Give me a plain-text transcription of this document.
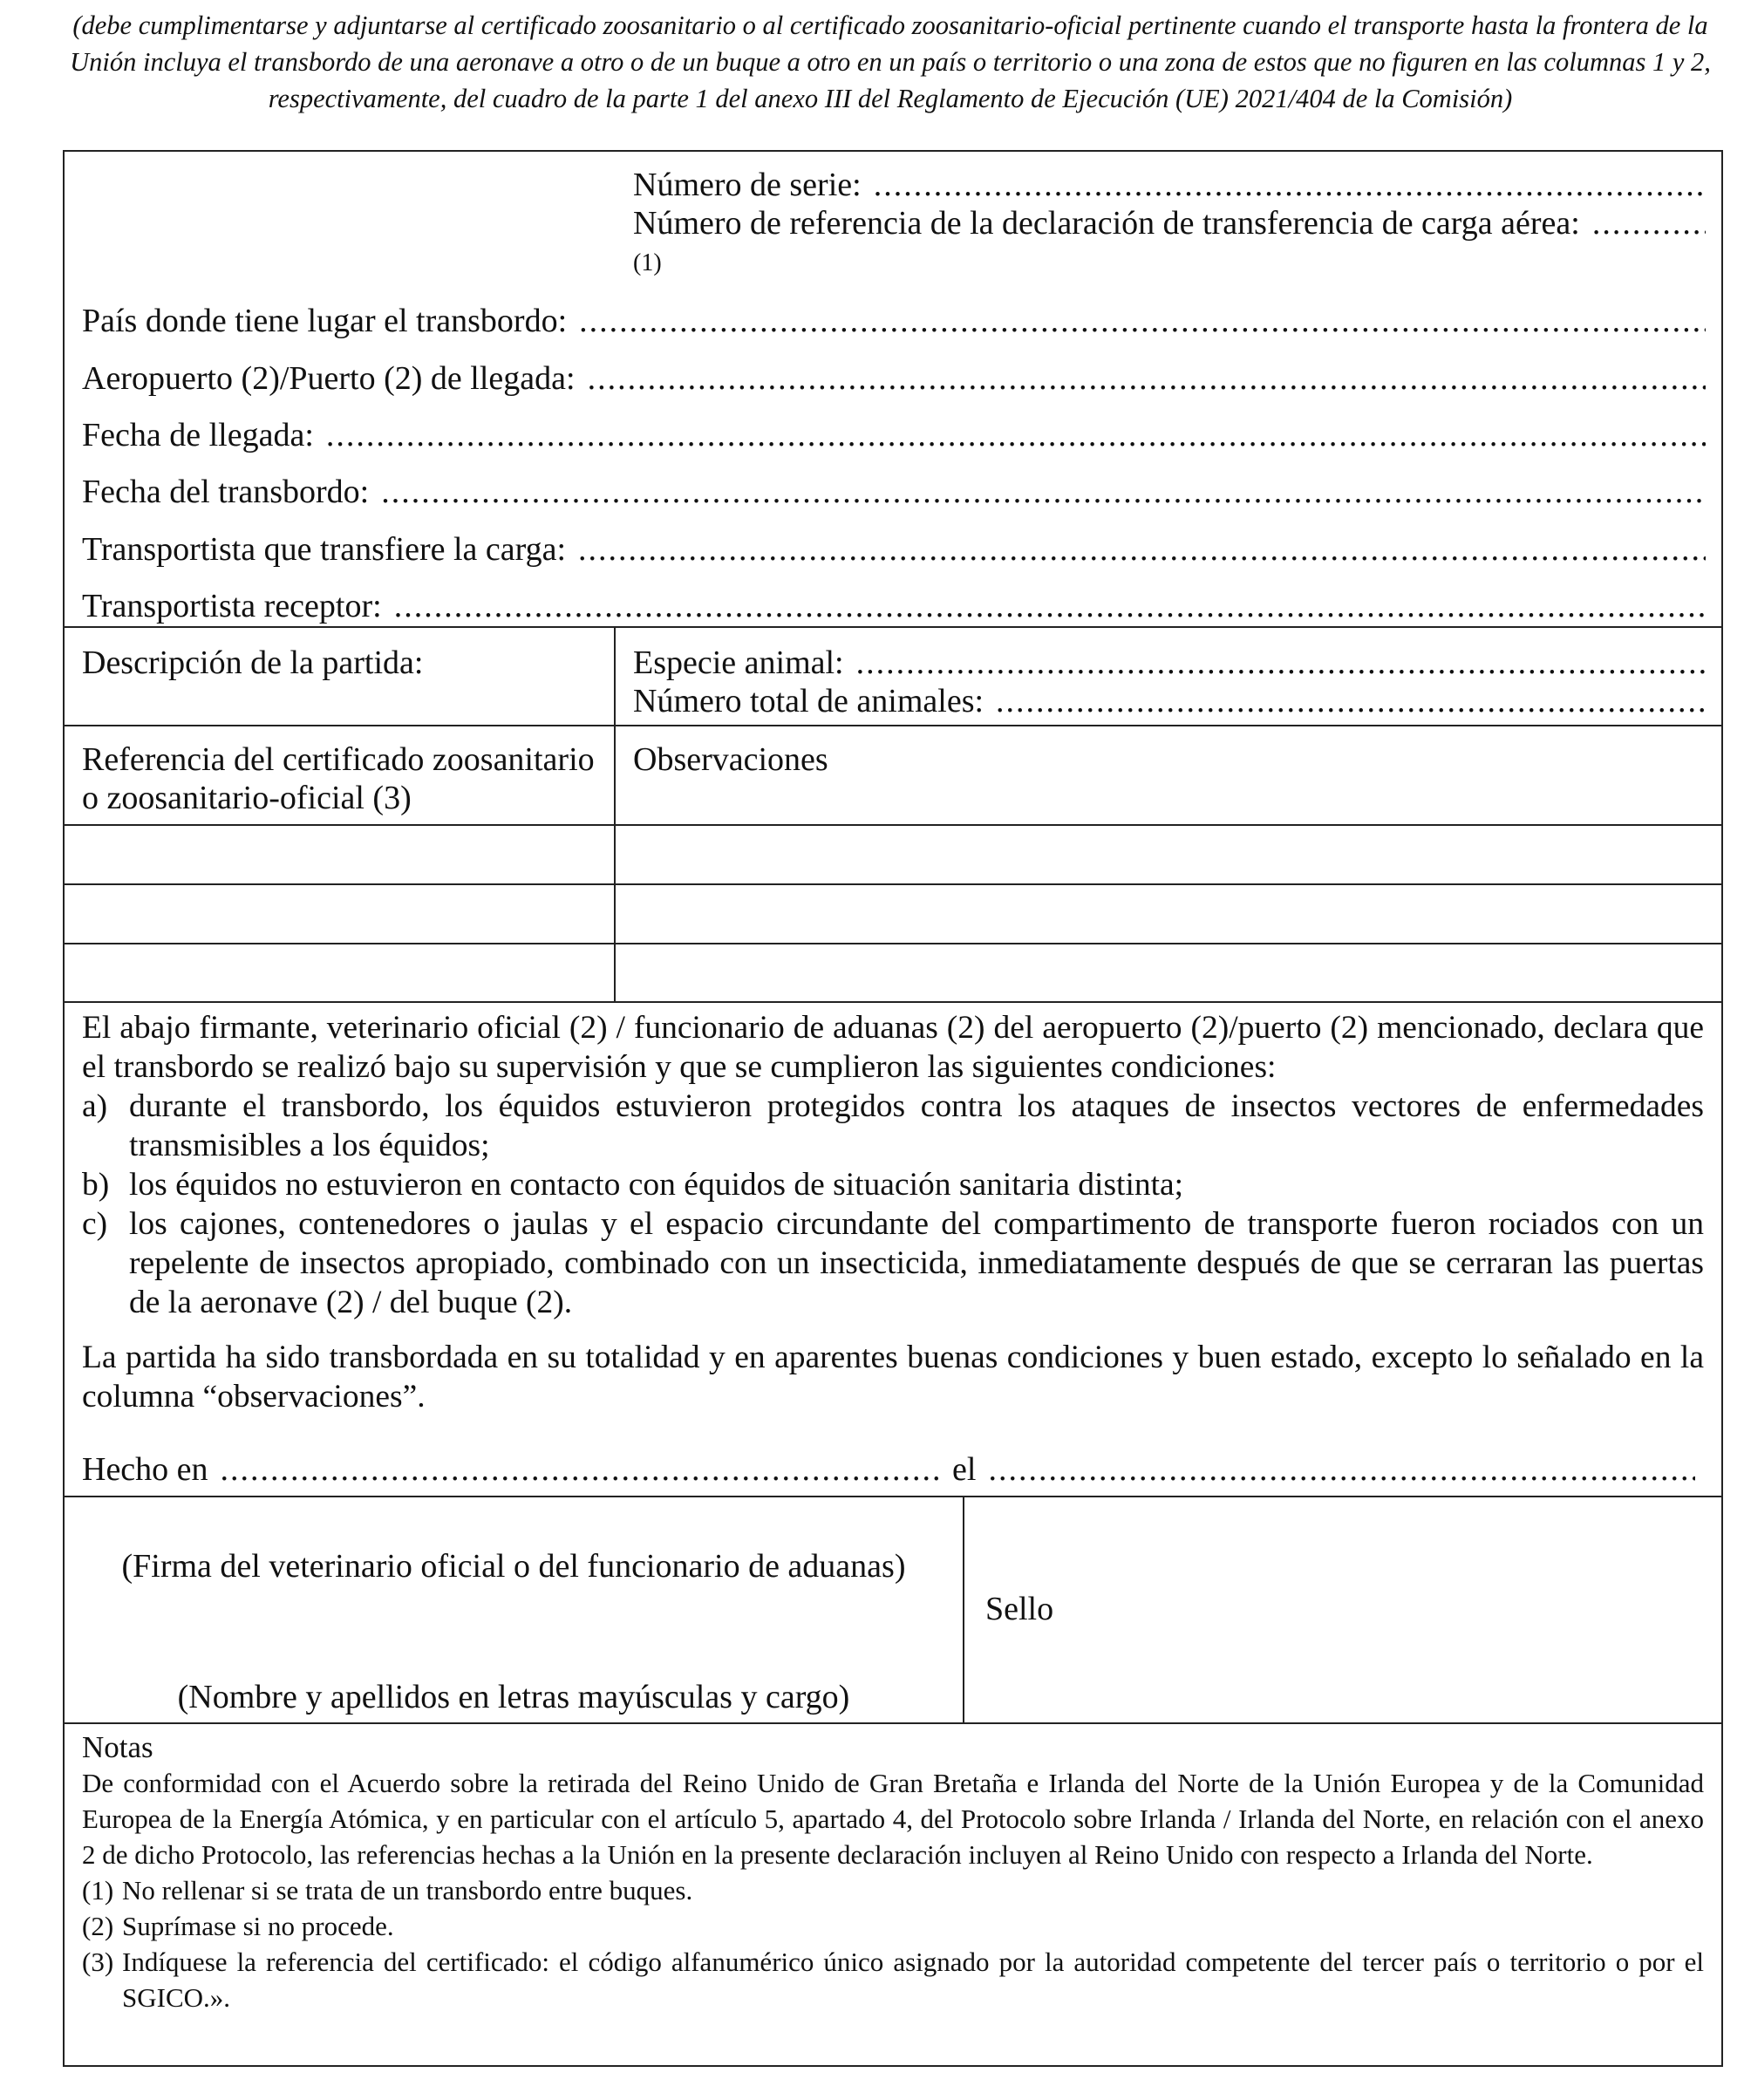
(debe cumplimentarse y adjuntarse al certificado zoosanitario o al certificado zoosanitario-oficial pertinente cuando el transporte hasta la frontera de la Unión incluya el transbordo de una aeronave a otro o de un buque a otro en un país o territorio o una zona de estos que no figuren en las columnas 1 y 2, respectivamente, del cuadro de la parte 1 del anexo III del Reglamento de Ejecución (UE) 2021/404 de la Comisión)
Número de serie:
.....
Número de referencia de la declaración de transferencia de carga aérea:
.....
(1)
País donde tiene lugar el transbordo:
.....
Aeropuerto (2)/Puerto (2) de llegada:
.....
Fecha de llegada:
.....
Fecha del transbordo:
.....
Transportista que transfiere la carga:
.....
Transportista receptor:
.....
Descripción de la partida:	Especie animal:
.....
Número total de animales:
.....
Referencia del certificado zoosanitario o zoosanitario-oficial (3)
Observaciones

El abajo firmante, veterinario oficial (2) / funcionario de aduanas (2) del aeropuerto (2)/puerto (2) mencionado, declara que el transbordo se realizó bajo su supervisión y que se cumplieron las siguientes condiciones:

a) durante el transbordo, los équidos estuvieron protegidos contra los ataques de insectos vectores de enfermedades transmisibles a los équidos;
b) los équidos no estuvieron en contacto con équidos de situación sanitaria distinta;
c) los cajones, contenedores o jaulas y el espacio circundante del compartimento de transporte fueron rociados con un repelente de insectos apropiado, combinado con un insecticida, inmediatamente después de que se cerraran las puertas de la aeronave (2) / del buque (2).

La partida ha sido transbordada en su totalidad y en aparentes buenas condiciones y buen estado, excepto lo señalado en la columna “observaciones”.

Hecho en
.....	el
.....
.....
(Firma del veterinario oficial o del funcionario de aduanas)
.....
(Nombre y apellidos en letras mayúsculas y cargo)
Sello
Notas
De conformidad con el Acuerdo sobre la retirada del Reino Unido de Gran Bretaña e Irlanda del Norte de la Unión Europea y de la Comunidad Europea de la Energía Atómica, y en particular con el artículo 5, apartado 4, del Protocolo sobre Irlanda / Irlanda del Norte, en relación con el anexo 2 de dicho Protocolo, las referencias hechas a la Unión en la presente declaración incluyen al Reino Unido con respecto a Irlanda del Norte.
(1) No rellenar si se trata de un transbordo entre buques.
(2) Suprímase si no procede.
(3) Indíquese la referencia del certificado: el código alfanumérico único asignado por la autoridad competente del tercer país o territorio o por el SGICO.».
